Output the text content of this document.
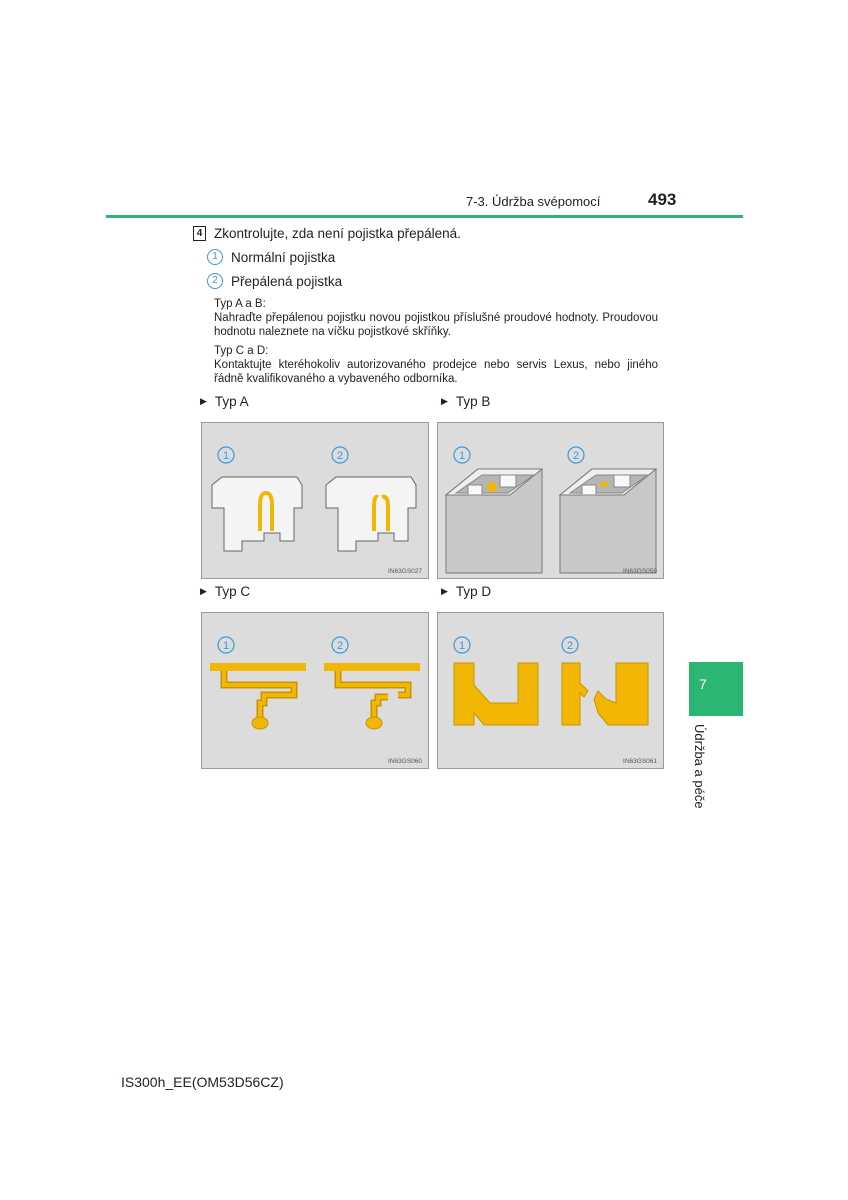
7-3. Údržba svépomocí	493
4 Zkontrolujte, zda není pojistka přepálená.
1 Normální pojistka
2 Přepálená pojistka
Typ A a B:
Nahraďte přepálenou pojistku novou pojistkou příslušné proudové hodnoty. Proudovou hodnotu naleznete na víčku pojistkové skříňky.
Typ C a D:
Kontaktujte kteréhokoliv autorizovaného prodejce nebo servis Lexus, nebo jiného řádně kvalifikovaného a vybaveného odborníka.
▶ Typ A	▶ Typ B
▶ Typ C	▶ Typ D
1	2
IN63GS027
1	2
IN63GS059
1	2
IN63GS060
1	2
IN63GS061
7
Údržba a péče
IS300h_EE(OM53D56CZ)
